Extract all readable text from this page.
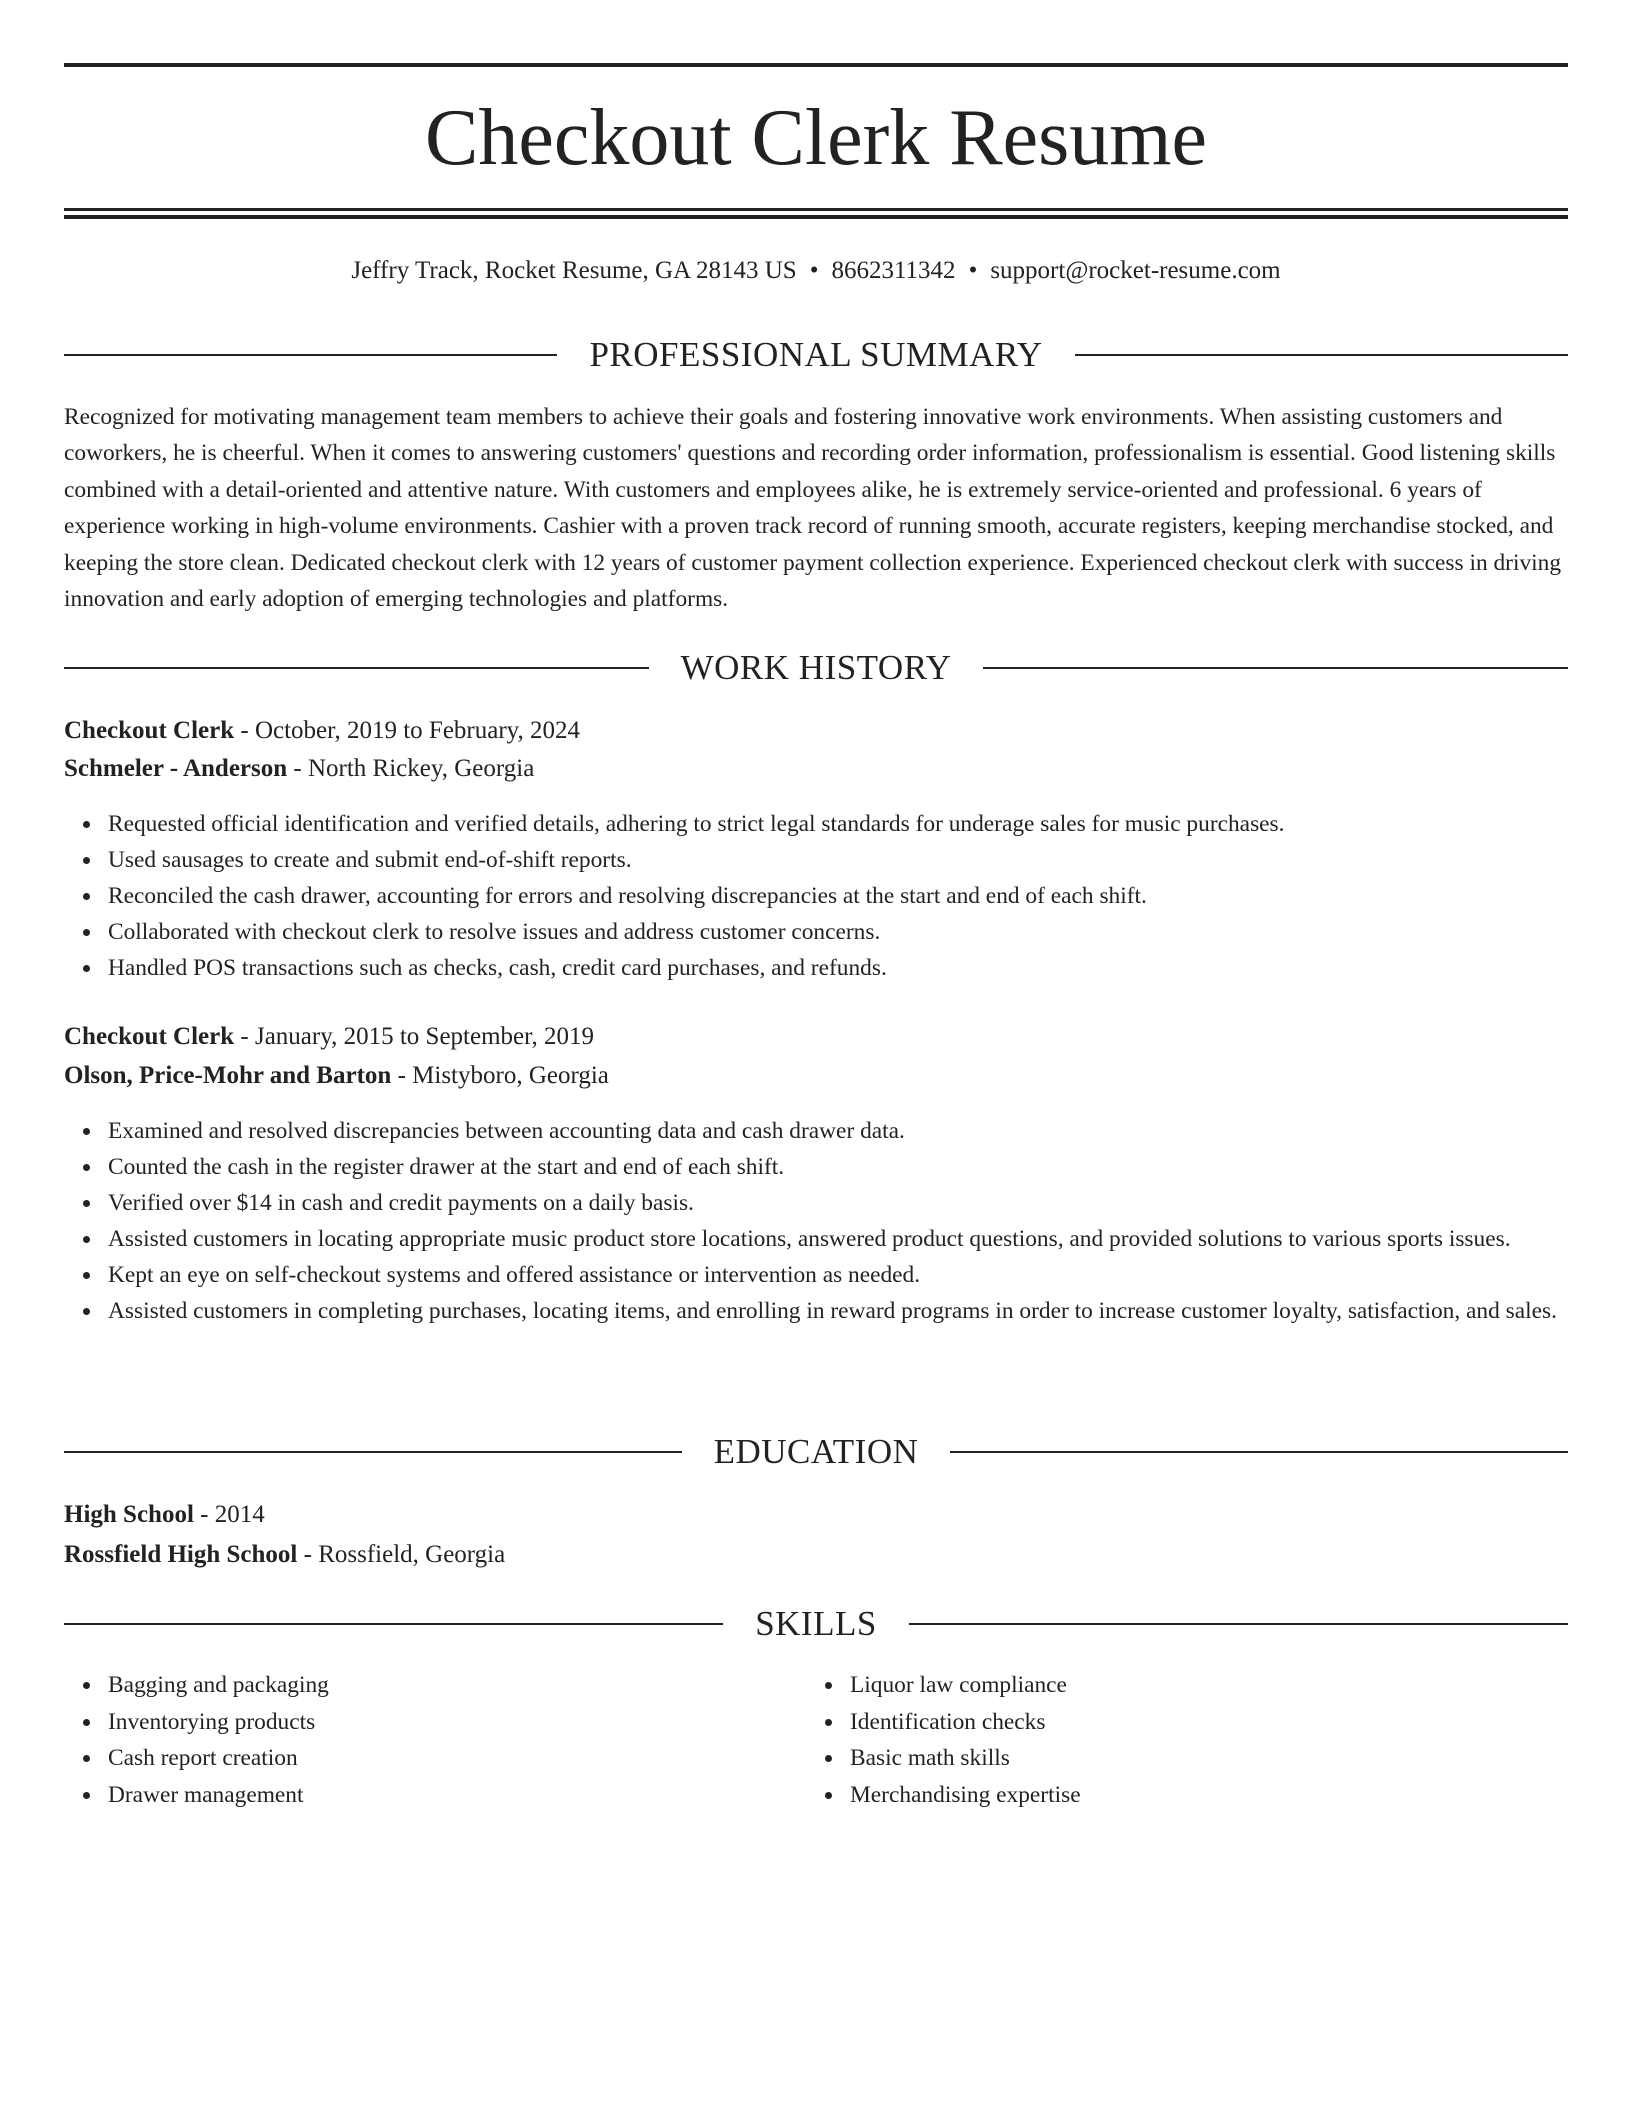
Checkout Clerk Resume
Jeffry Track, Rocket Resume, GA 28143 US • 8662311342 • support@rocket-resume.com
PROFESSIONAL SUMMARY

Recognized for motivating management team members to achieve their goals and fostering innovative work environments. When assisting customers and coworkers, he is cheerful. When it comes to answering customers' questions and recording order information, professionalism is essential. Good listening skills combined with a detail-oriented and attentive nature. With customers and employees alike, he is extremely service-oriented and professional. 6 years of experience working in high-volume environments. Cashier with a proven track record of running smooth, accurate registers, keeping merchandise stocked, and keeping the store clean. Dedicated checkout clerk with 12 years of customer payment collection experience. Experienced checkout clerk with success in driving innovation and early adoption of emerging technologies and platforms.

WORK HISTORY
Checkout Clerk - October, 2019 to February, 2024
Schmeler - Anderson - North Rickey, Georgia
Requested official identification and verified details, adhering to strict legal standards for underage sales for music purchases.
Used sausages to create and submit end-of-shift reports.
Reconciled the cash drawer, accounting for errors and resolving discrepancies at the start and end of each shift.
Collaborated with checkout clerk to resolve issues and address customer concerns.
Handled POS transactions such as checks, cash, credit card purchases, and refunds.
Checkout Clerk - January, 2015 to September, 2019
Olson, Price-Mohr and Barton - Mistyboro, Georgia
Examined and resolved discrepancies between accounting data and cash drawer data.
Counted the cash in the register drawer at the start and end of each shift.
Verified over $14 in cash and credit payments on a daily basis.
Assisted customers in locating appropriate music product store locations, answered product questions, and provided solutions to various sports issues.
Kept an eye on self-checkout systems and offered assistance or intervention as needed.
Assisted customers in completing purchases, locating items, and enrolling in reward programs in order to increase customer loyalty, satisfaction, and sales.
EDUCATION
High School - 2014
Rossfield High School - Rossfield, Georgia
SKILLS
Bagging and packaging
Inventorying products
Cash report creation
Drawer management
Liquor law compliance
Identification checks
Basic math skills
Merchandising expertise
